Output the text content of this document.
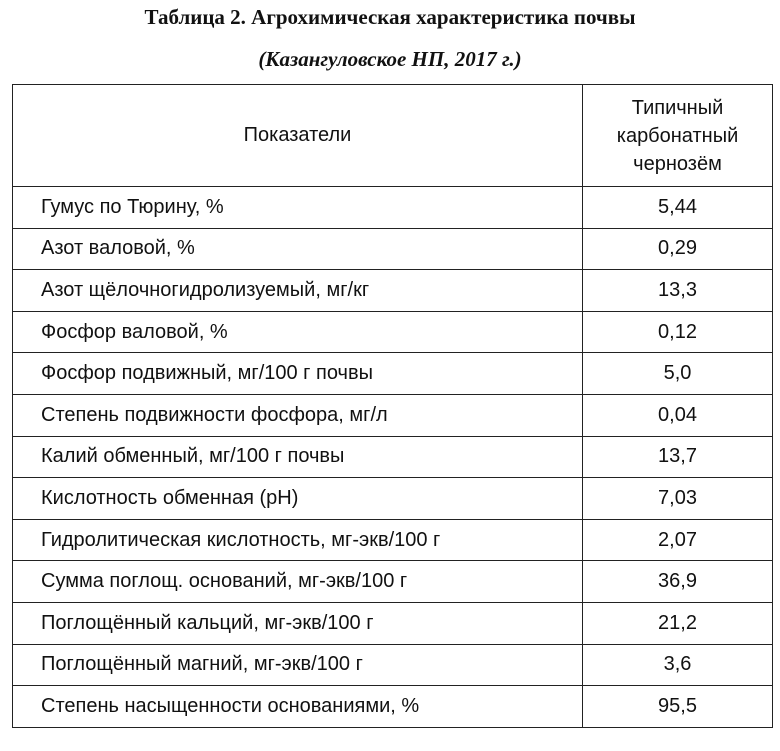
Таблица 2. Агрохимическая характеристика почвы
(Казангуловское НП, 2017 г.)
Показатели	Типичный карбонатный чернозём

Гумус по Тюрину, %	5,44
Азот валовой, %	0,29
Азот щёлочногидролизуемый, мг/кг	13,3
Фосфор валовой, %	0,12
Фосфор подвижный, мг/100 г почвы	5,0
Степень подвижности фосфора, мг/л	0,04
Калий обменный, мг/100 г почвы	13,7
Кислотность обменная (рН)	7,03
Гидролитическая кислотность, мг-экв/100 г	2,07
Сумма поглощ. оснований, мг-экв/100 г	36,9
Поглощённый кальций, мг-экв/100 г	21,2
Поглощённый магний, мг-экв/100 г	3,6
Степень насыщенности основаниями, %	95,5
